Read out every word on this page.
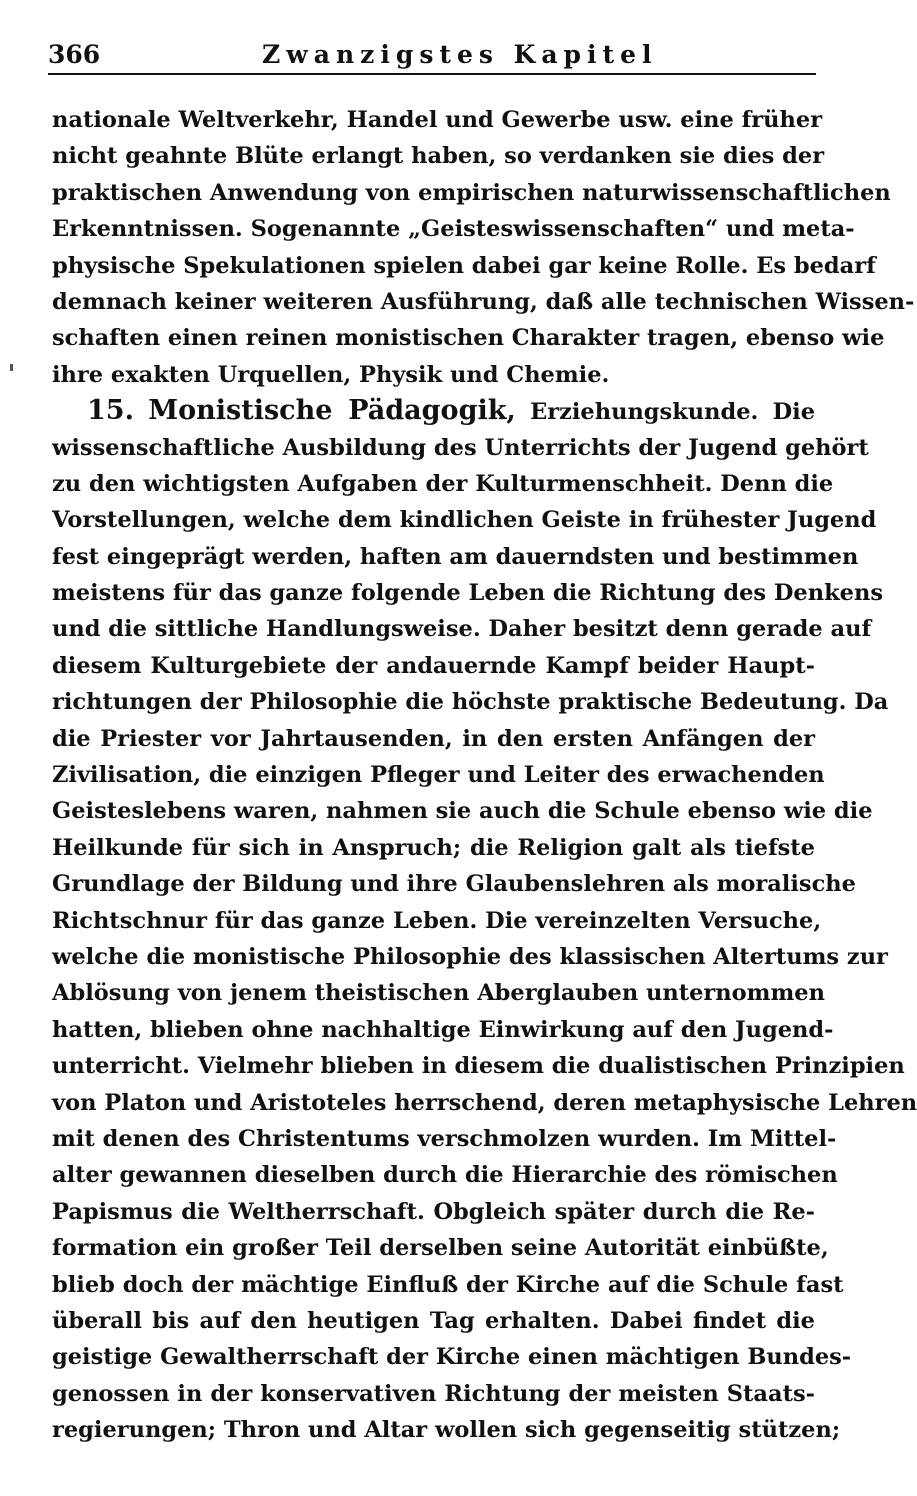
366	Zwanzigstes Kapitel
nationale Weltverkehr, Handel und Gewerbe usw. eine früher
nicht geahnte Blüte erlangt haben, so verdanken sie dies der
praktischen Anwendung von empirischen naturwissenschaftlichen
Erkenntnissen. Sogenannte „Geisteswissenschaften“ und meta-
physische Spekulationen spielen dabei gar keine Rolle. Es bedarf
demnach keiner weiteren Ausführung, daß alle technischen Wissen-
schaften einen reinen monistischen Charakter tragen, ebenso wie
ihre exakten Urquellen, Physik und Chemie.
15. Monistische Pädagogik, Erziehungskunde. Die
wissenschaftliche Ausbildung des Unterrichts der Jugend gehört
zu den wichtigsten Aufgaben der Kulturmenschheit. Denn die
Vorstellungen, welche dem kindlichen Geiste in frühester Jugend
fest eingeprägt werden, haften am dauerndsten und bestimmen
meistens für das ganze folgende Leben die Richtung des Denkens
und die sittliche Handlungsweise. Daher besitzt denn gerade auf
diesem Kulturgebiete der andauernde Kampf beider Haupt-
richtungen der Philosophie die höchste praktische Bedeutung. Da
die Priester vor Jahrtausenden, in den ersten Anfängen der
Zivilisation, die einzigen Pfleger und Leiter des erwachenden
Geisteslebens waren, nahmen sie auch die Schule ebenso wie die
Heilkunde für sich in Anspruch; die Religion galt als tiefste
Grundlage der Bildung und ihre Glaubenslehren als moralische
Richtschnur für das ganze Leben. Die vereinzelten Versuche,
welche die monistische Philosophie des klassischen Altertums zur
Ablösung von jenem theistischen Aberglauben unternommen
hatten, blieben ohne nachhaltige Einwirkung auf den Jugend-
unterricht. Vielmehr blieben in diesem die dualistischen Prinzipien
von Platon und Aristoteles herrschend, deren metaphysische Lehren
mit denen des Christentums verschmolzen wurden. Im Mittel-
alter gewannen dieselben durch die Hierarchie des römischen
Papismus die Weltherrschaft. Obgleich später durch die Re-
formation ein großer Teil derselben seine Autorität einbüßte,
blieb doch der mächtige Einfluß der Kirche auf die Schule fast
überall bis auf den heutigen Tag erhalten. Dabei findet die
geistige Gewaltherrschaft der Kirche einen mächtigen Bundes-
genossen in der konservativen Richtung der meisten Staats-
regierungen; Thron und Altar wollen sich gegenseitig stützen;
